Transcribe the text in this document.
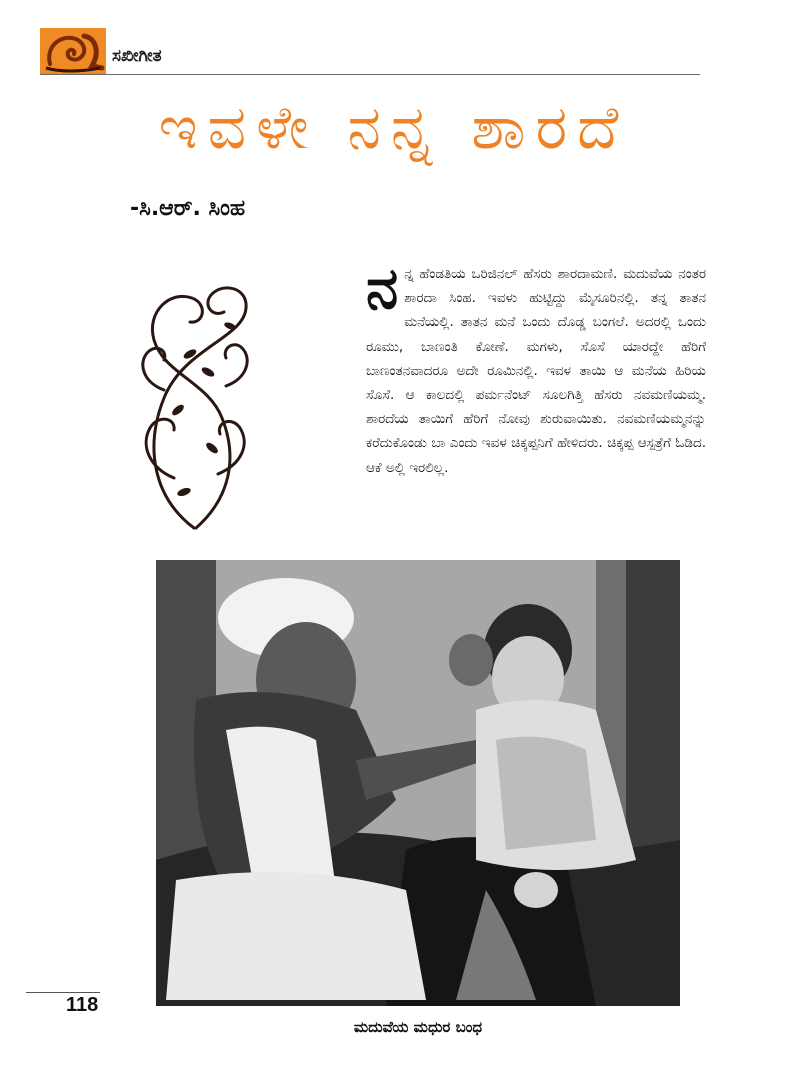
ಸಖೀಗೀತ
ಇವಳೇ ನನ್ನ ಶಾರದೆ
-ಸಿ.ಆರ್. ಸಿಂಹ
ನ ನ್ನ ಹೆಂಡತಿಯ ಒರಿಜಿನಲ್ ಹೆಸರು ಶಾರದಾಮಣಿ. ಮದುವೆಯ ನಂತರ ಶಾರದಾ ಸಿಂಹ. ಇವಳು ಹುಟ್ಟಿದ್ದು ಮೈಸೂರಿನಲ್ಲಿ. ತನ್ನ ತಾತನ ಮನೆಯಲ್ಲಿ. ತಾತನ ಮನೆ ಒಂದು ದೊಡ್ಡ ಬಂಗಲೆ. ಅದರಲ್ಲಿ ಒಂದು ರೂಮು, ಬಾಣಂತಿ ಕೋಣೆ. ಮಗಳು, ಸೊಸೆ ಯಾರದ್ದೇ ಹೆರಿಗೆ ಬಾಣಂತನವಾದರೂ ಅದೇ ರೂಮಿನಲ್ಲಿ. ಇವಳ ತಾಯಿ ಆ ಮನೆಯ ಹಿರಿಯ ಸೊಸೆ. ಆ ಕಾಲದಲ್ಲಿ ಪರ್ಮನೆಂಟ್ ಸೂಲಗಿತ್ತಿ ಹೆಸರು ನವಮಣಿಯಮ್ಮ. ಶಾರದೆಯ ತಾಯಿಗೆ ಹೆರಿಗೆ ನೋವು ಶುರುವಾಯಿತು. ನವಮಣಿಯಮ್ಮನನ್ನು ಕರೆದುಕೊಂಡು ಬಾ ಎಂದು ಇವಳ ಚಿಕ್ಕಪ್ಪನಿಗೆ ಹೇಳಿದರು. ಚಿಕ್ಕಪ್ಪ ಆಸ್ಪತ್ರೆಗೆ ಓಡಿದ. ಆಕೆ ಅಲ್ಲಿ ಇರಲಿಲ್ಲ.
ಮದುವೆಯ ಮಧುರ ಬಂಧ
118
